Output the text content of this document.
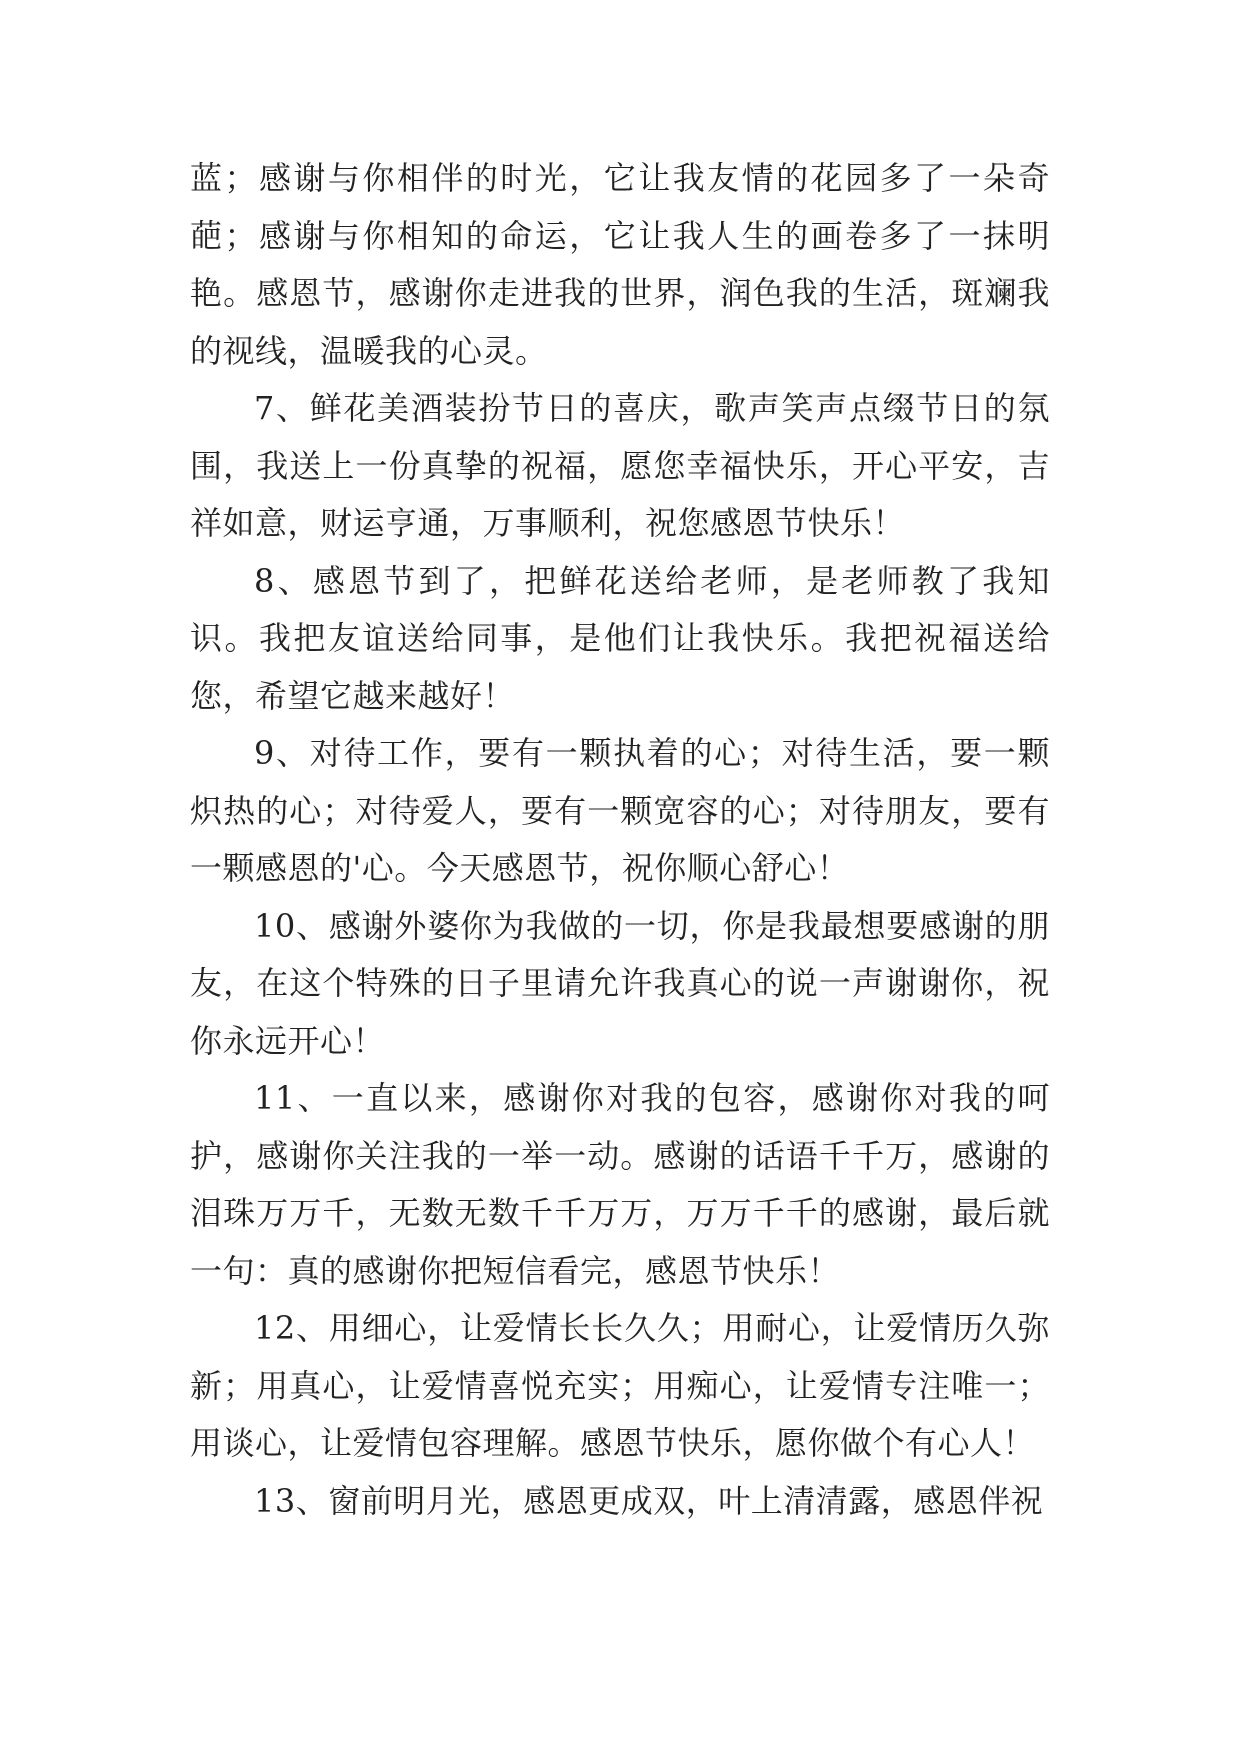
蓝；感谢与你相伴的时光，它让我友情的花园多了一朵奇葩；感谢与你相知的命运，它让我人生的画卷多了一抹明艳。感恩节，感谢你走进我的世界，润色我的生活，斑斓我的视线，温暖我的心灵。

7、鲜花美酒装扮节日的喜庆，歌声笑声点缀节日的氛围，我送上一份真挚的祝福，愿您幸福快乐，开心平安，吉祥如意，财运亨通，万事顺利，祝您感恩节快乐！

8、感恩节到了，把鲜花送给老师，是老师教了我知识。我把友谊送给同事，是他们让我快乐。我把祝福送给您，希望它越来越好！

9、对待工作，要有一颗执着的心；对待生活，要一颗炽热的心；对待爱人，要有一颗宽容的心；对待朋友，要有一颗感恩的'心。今天感恩节，祝你顺心舒心！

10、感谢外婆你为我做的一切，你是我最想要感谢的朋友，在这个特殊的日子里请允许我真心的说一声谢谢你，祝你永远开心！

11、一直以来，感谢你对我的包容，感谢你对我的呵护，感谢你关注我的一举一动。感谢的话语千千万，感谢的泪珠万万千，无数无数千千万万，万万千千的感谢，最后就一句：真的感谢你把短信看完，感恩节快乐！

12、用细心，让爱情长长久久；用耐心，让爱情历久弥新；用真心，让爱情喜悦充实；用痴心，让爱情专注唯一；用谈心，让爱情包容理解。感恩节快乐，愿你做个有心人！

13、窗前明月光，感恩更成双，叶上清清露，感恩伴祝
